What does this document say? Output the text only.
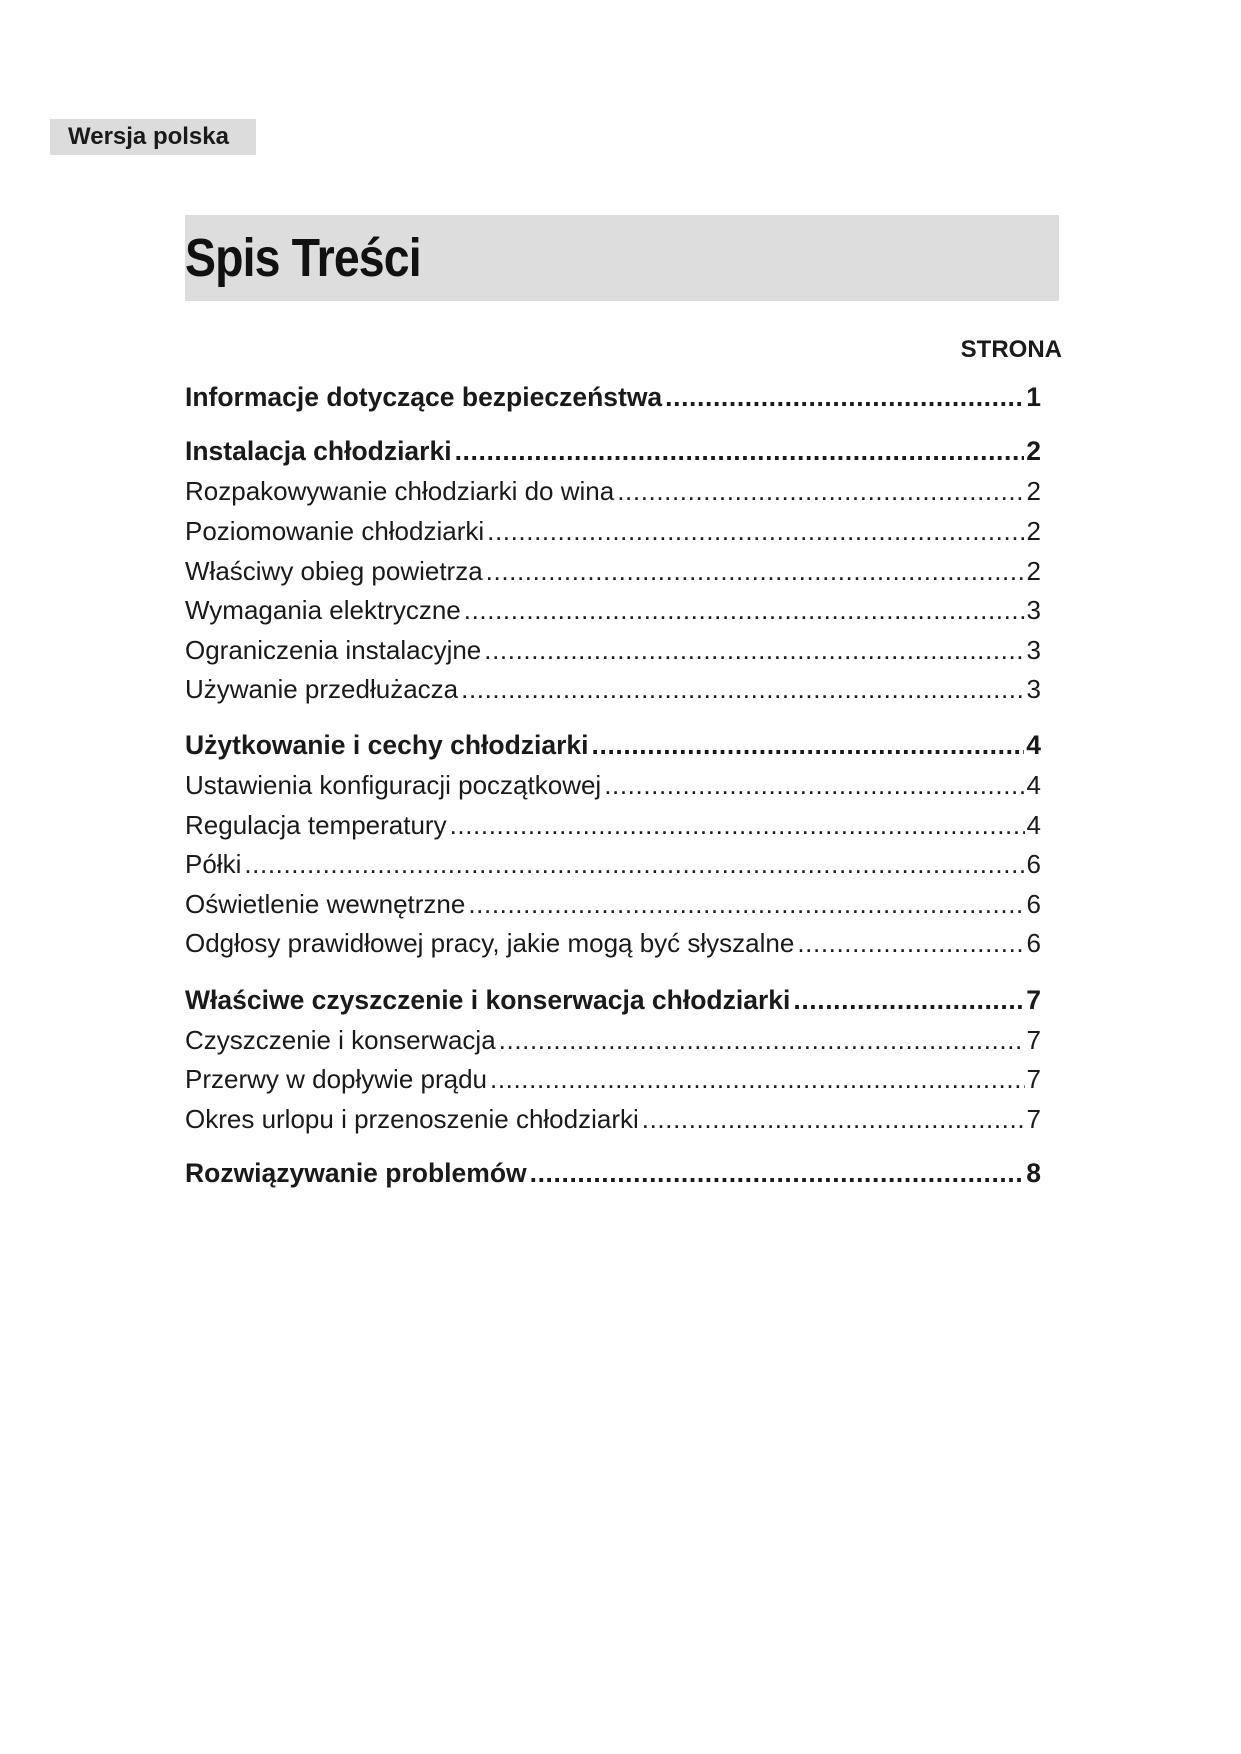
Wersja polska
Spis Treści
STRONA
Informacje dotyczące bezpieczeństwa .....	1
Instalacja chłodziarki .....	2
Rozpakowywanie chłodziarki do wina .....	2
Poziomowanie chłodziarki .....	2
Właściwy obieg powietrza .....	2
Wymagania elektryczne .....	3
Ograniczenia instalacyjne .....	3
Używanie przedłużacza .....	3
Użytkowanie i cechy chłodziarki .....	4
Ustawienia konfiguracji początkowej .....	4
Regulacja temperatury .....	4
Półki .....	6
Oświetlenie wewnętrzne .....	6
Odgłosy prawidłowej pracy, jakie mogą być słyszalne .....	6
Właściwe czyszczenie i konserwacja chłodziarki .....	7
Czyszczenie i konserwacja .....	7
Przerwy w dopływie prądu .....	7
Okres urlopu i przenoszenie chłodziarki .....	7
Rozwiązywanie problemów .....	8
